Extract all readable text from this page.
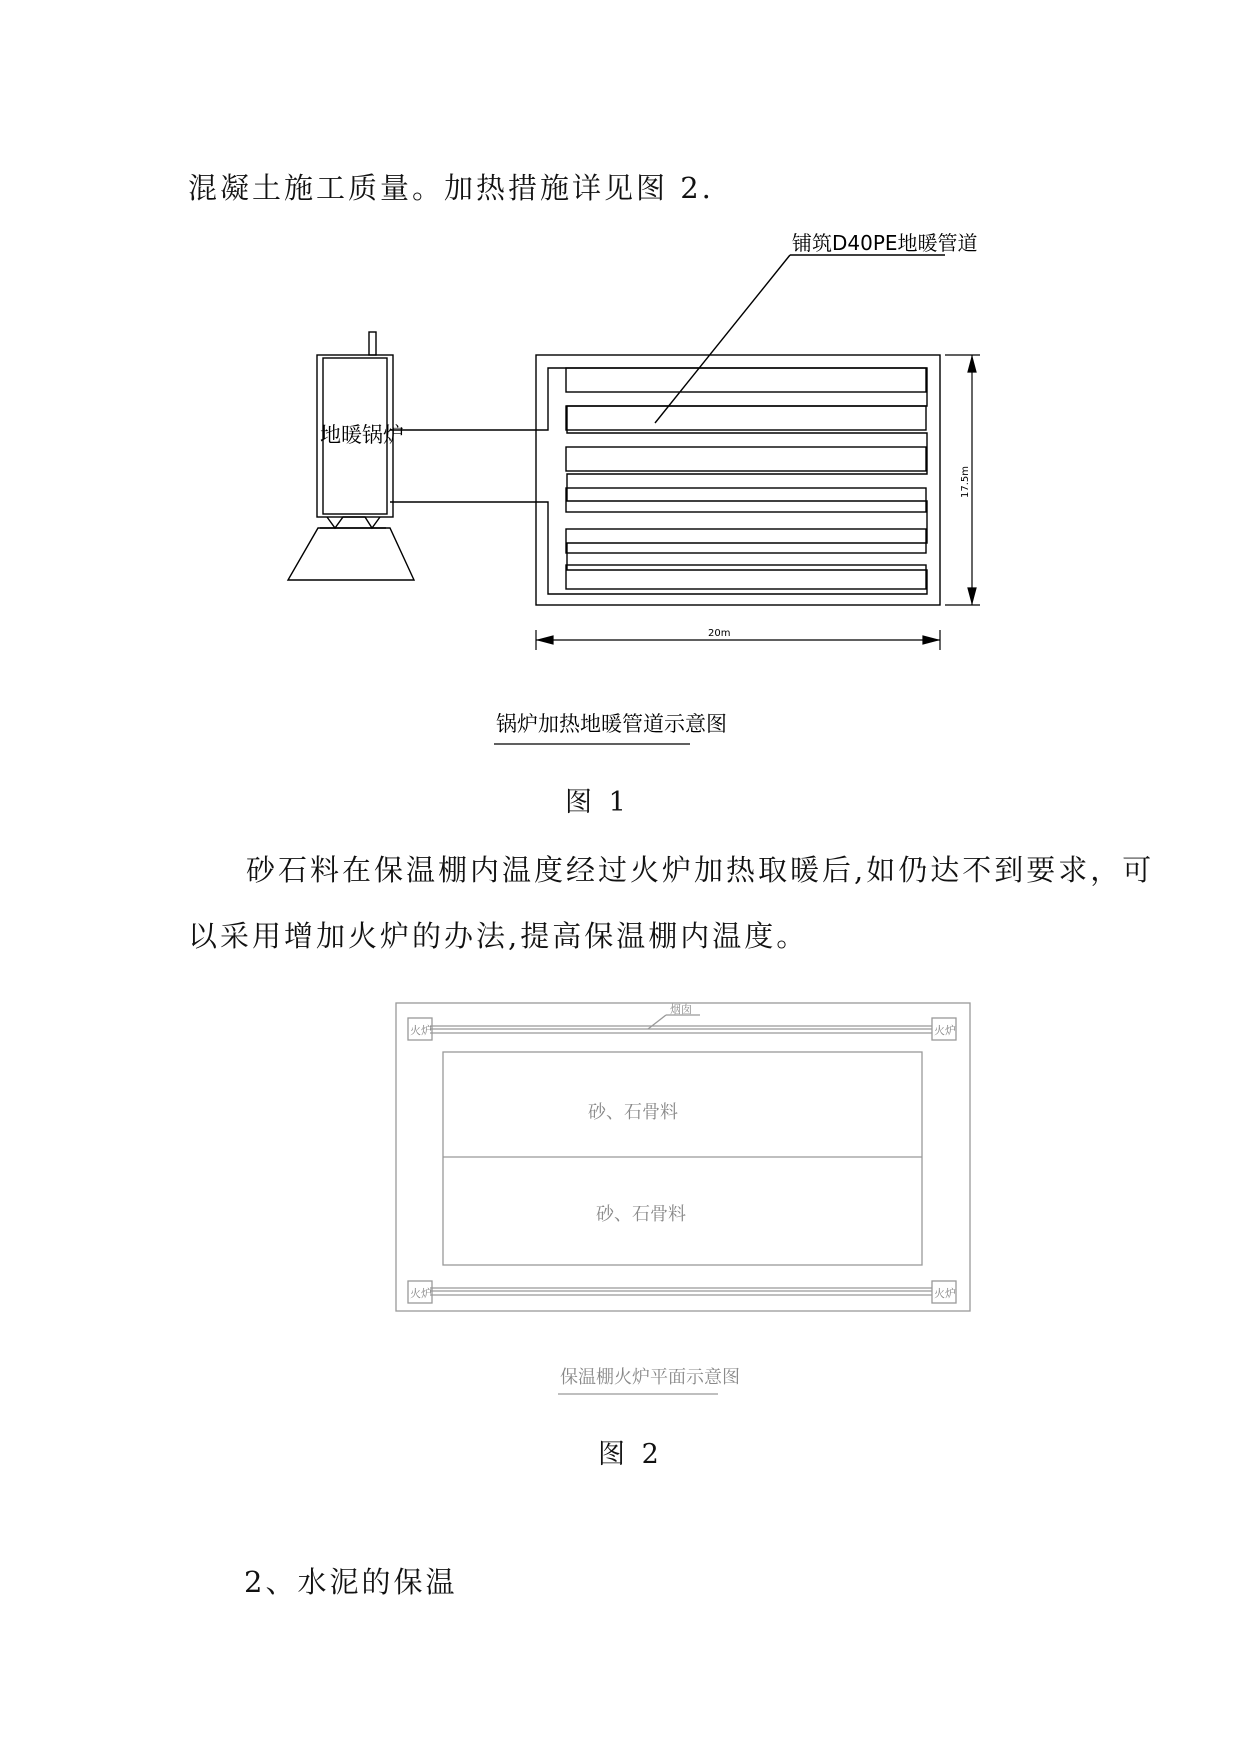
混凝土施工质量。加热措施详见图 2.
铺筑D40PE地暖管道
地暖锅炉
17.5m
20m
锅炉加热地暖管道示意图
图 1
砂石料在保温棚内温度经过火炉加热取暖后,如仍达不到要求，可
以采用增加火炉的办法,提高保温棚内温度。
烟囱
火炉	火炉
火炉	火炉
砂、石骨料
砂、石骨料
保温棚火炉平面示意图
图 2
2、水泥的保温
